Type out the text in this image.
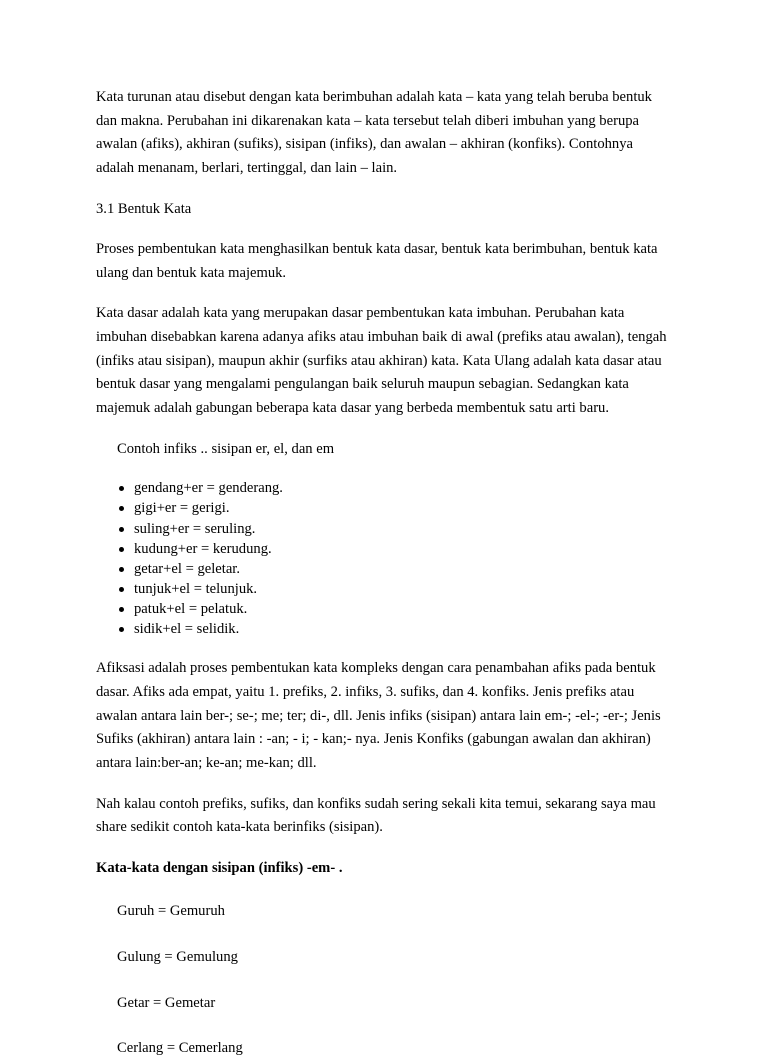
Kata turunan atau disebut dengan kata berimbuhan adalah kata – kata yang telah beruba bentuk dan makna. Perubahan ini dikarenakan kata – kata tersebut telah diberi imbuhan yang berupa awalan (afiks), akhiran (sufiks), sisipan (infiks), dan awalan – akhiran (konfiks). Contohnya adalah menanam, berlari, tertinggal, dan lain – lain.

3.1 Bentuk Kata

Proses pembentukan kata menghasilkan bentuk kata dasar, bentuk kata berimbuhan, bentuk kata ulang dan bentuk kata majemuk.

Kata dasar adalah kata yang merupakan dasar pembentukan kata imbuhan. Perubahan kata imbuhan disebabkan karena adanya afiks atau imbuhan baik di awal (prefiks atau awalan), tengah (infiks atau sisipan), maupun akhir (surfiks atau akhiran) kata. Kata Ulang adalah kata dasar atau bentuk dasar yang mengalami pengulangan baik seluruh maupun sebagian. Sedangkan kata majemuk adalah gabungan beberapa kata dasar yang berbeda membentuk satu arti baru.

Contoh infiks .. sisipan er, el, dan em

gendang+er = genderang.
gigi+er = gerigi.
suling+er = seruling.
kudung+er = kerudung.
getar+el = geletar.
tunjuk+el = telunjuk.
patuk+el = pelatuk.
sidik+el = selidik.

Afiksasi adalah proses pembentukan kata kompleks dengan cara penambahan afiks pada bentuk dasar. Afiks ada empat, yaitu 1. prefiks, 2. infiks, 3. sufiks, dan 4. konfiks. Jenis prefiks atau awalan antara lain ber-; se-; me; ter; di-, dll. Jenis infiks (sisipan) antara lain em-; -el-; -er-; Jenis Sufiks (akhiran) antara lain : -an; - i; - kan;- nya. Jenis Konfiks (gabungan awalan dan akhiran) antara lain:ber-an; ke-an; me-kan; dll.

Nah kalau contoh prefiks, sufiks, dan konfiks sudah sering sekali kita temui, sekarang saya mau share sedikit contoh kata-kata berinfiks (sisipan).

Kata-kata dengan sisipan (infiks) -em- .

Guruh = Gemuruh

Gulung = Gemulung

Getar = Gemetar

Cerlang = Cemerlang
